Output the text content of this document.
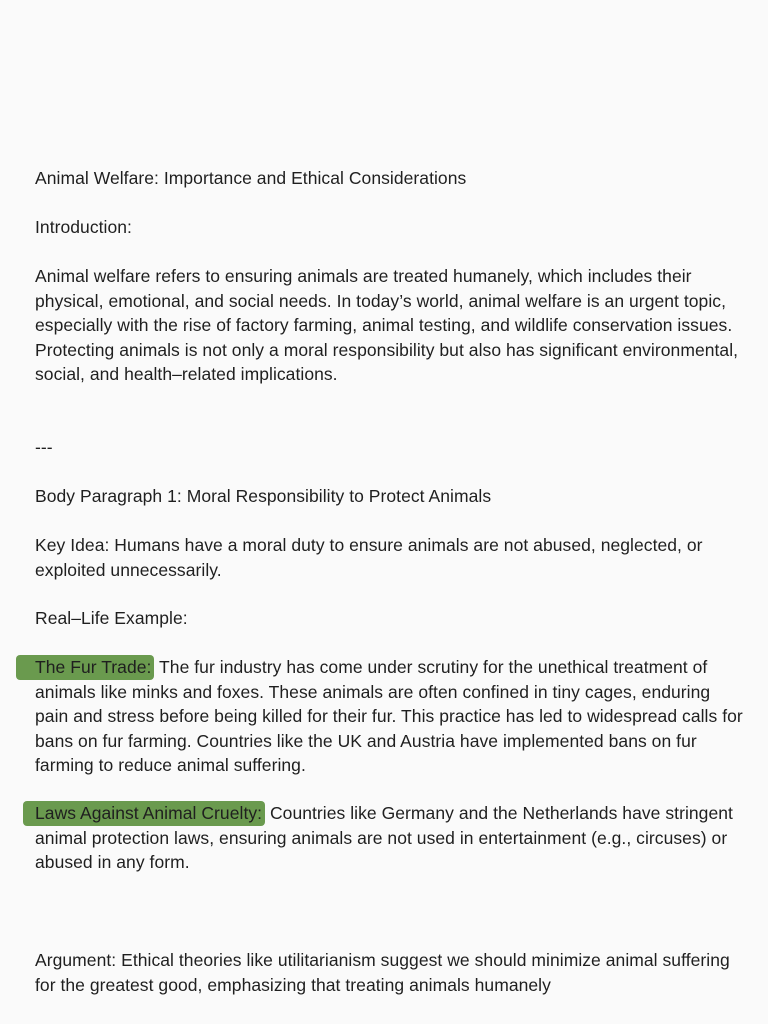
Animal Welfare: Importance and Ethical Considerations

Introduction:

Animal welfare refers to ensuring animals are treated humanely, which includes their physical, emotional, and social needs. In today’s world, animal welfare is an urgent topic, especially with the rise of factory farming, animal testing, and wildlife conservation issues. Protecting animals is not only a moral responsibility but also has significant environmental, social, and health–related implications.

---

Body Paragraph 1: Moral Responsibility to Protect Animals

Key Idea: Humans have a moral duty to ensure animals are not abused, neglected, or exploited unnecessarily.

Real–Life Example:

The Fur Trade: The fur industry has come under scrutiny for the unethical treatment of animals like minks and foxes. These animals are often confined in tiny cages, enduring pain and stress before being killed for their fur. This practice has led to widespread calls for bans on fur farming. Countries like the UK and Austria have implemented bans on fur farming to reduce animal suffering.

Laws Against Animal Cruelty: Countries like Germany and the Netherlands have stringent animal protection laws, ensuring animals are not used in entertainment (e.g., circuses) or abused in any form.

Argument: Ethical theories like utilitarianism suggest we should minimize animal suffering for the greatest good, emphasizing that treating animals humanely
